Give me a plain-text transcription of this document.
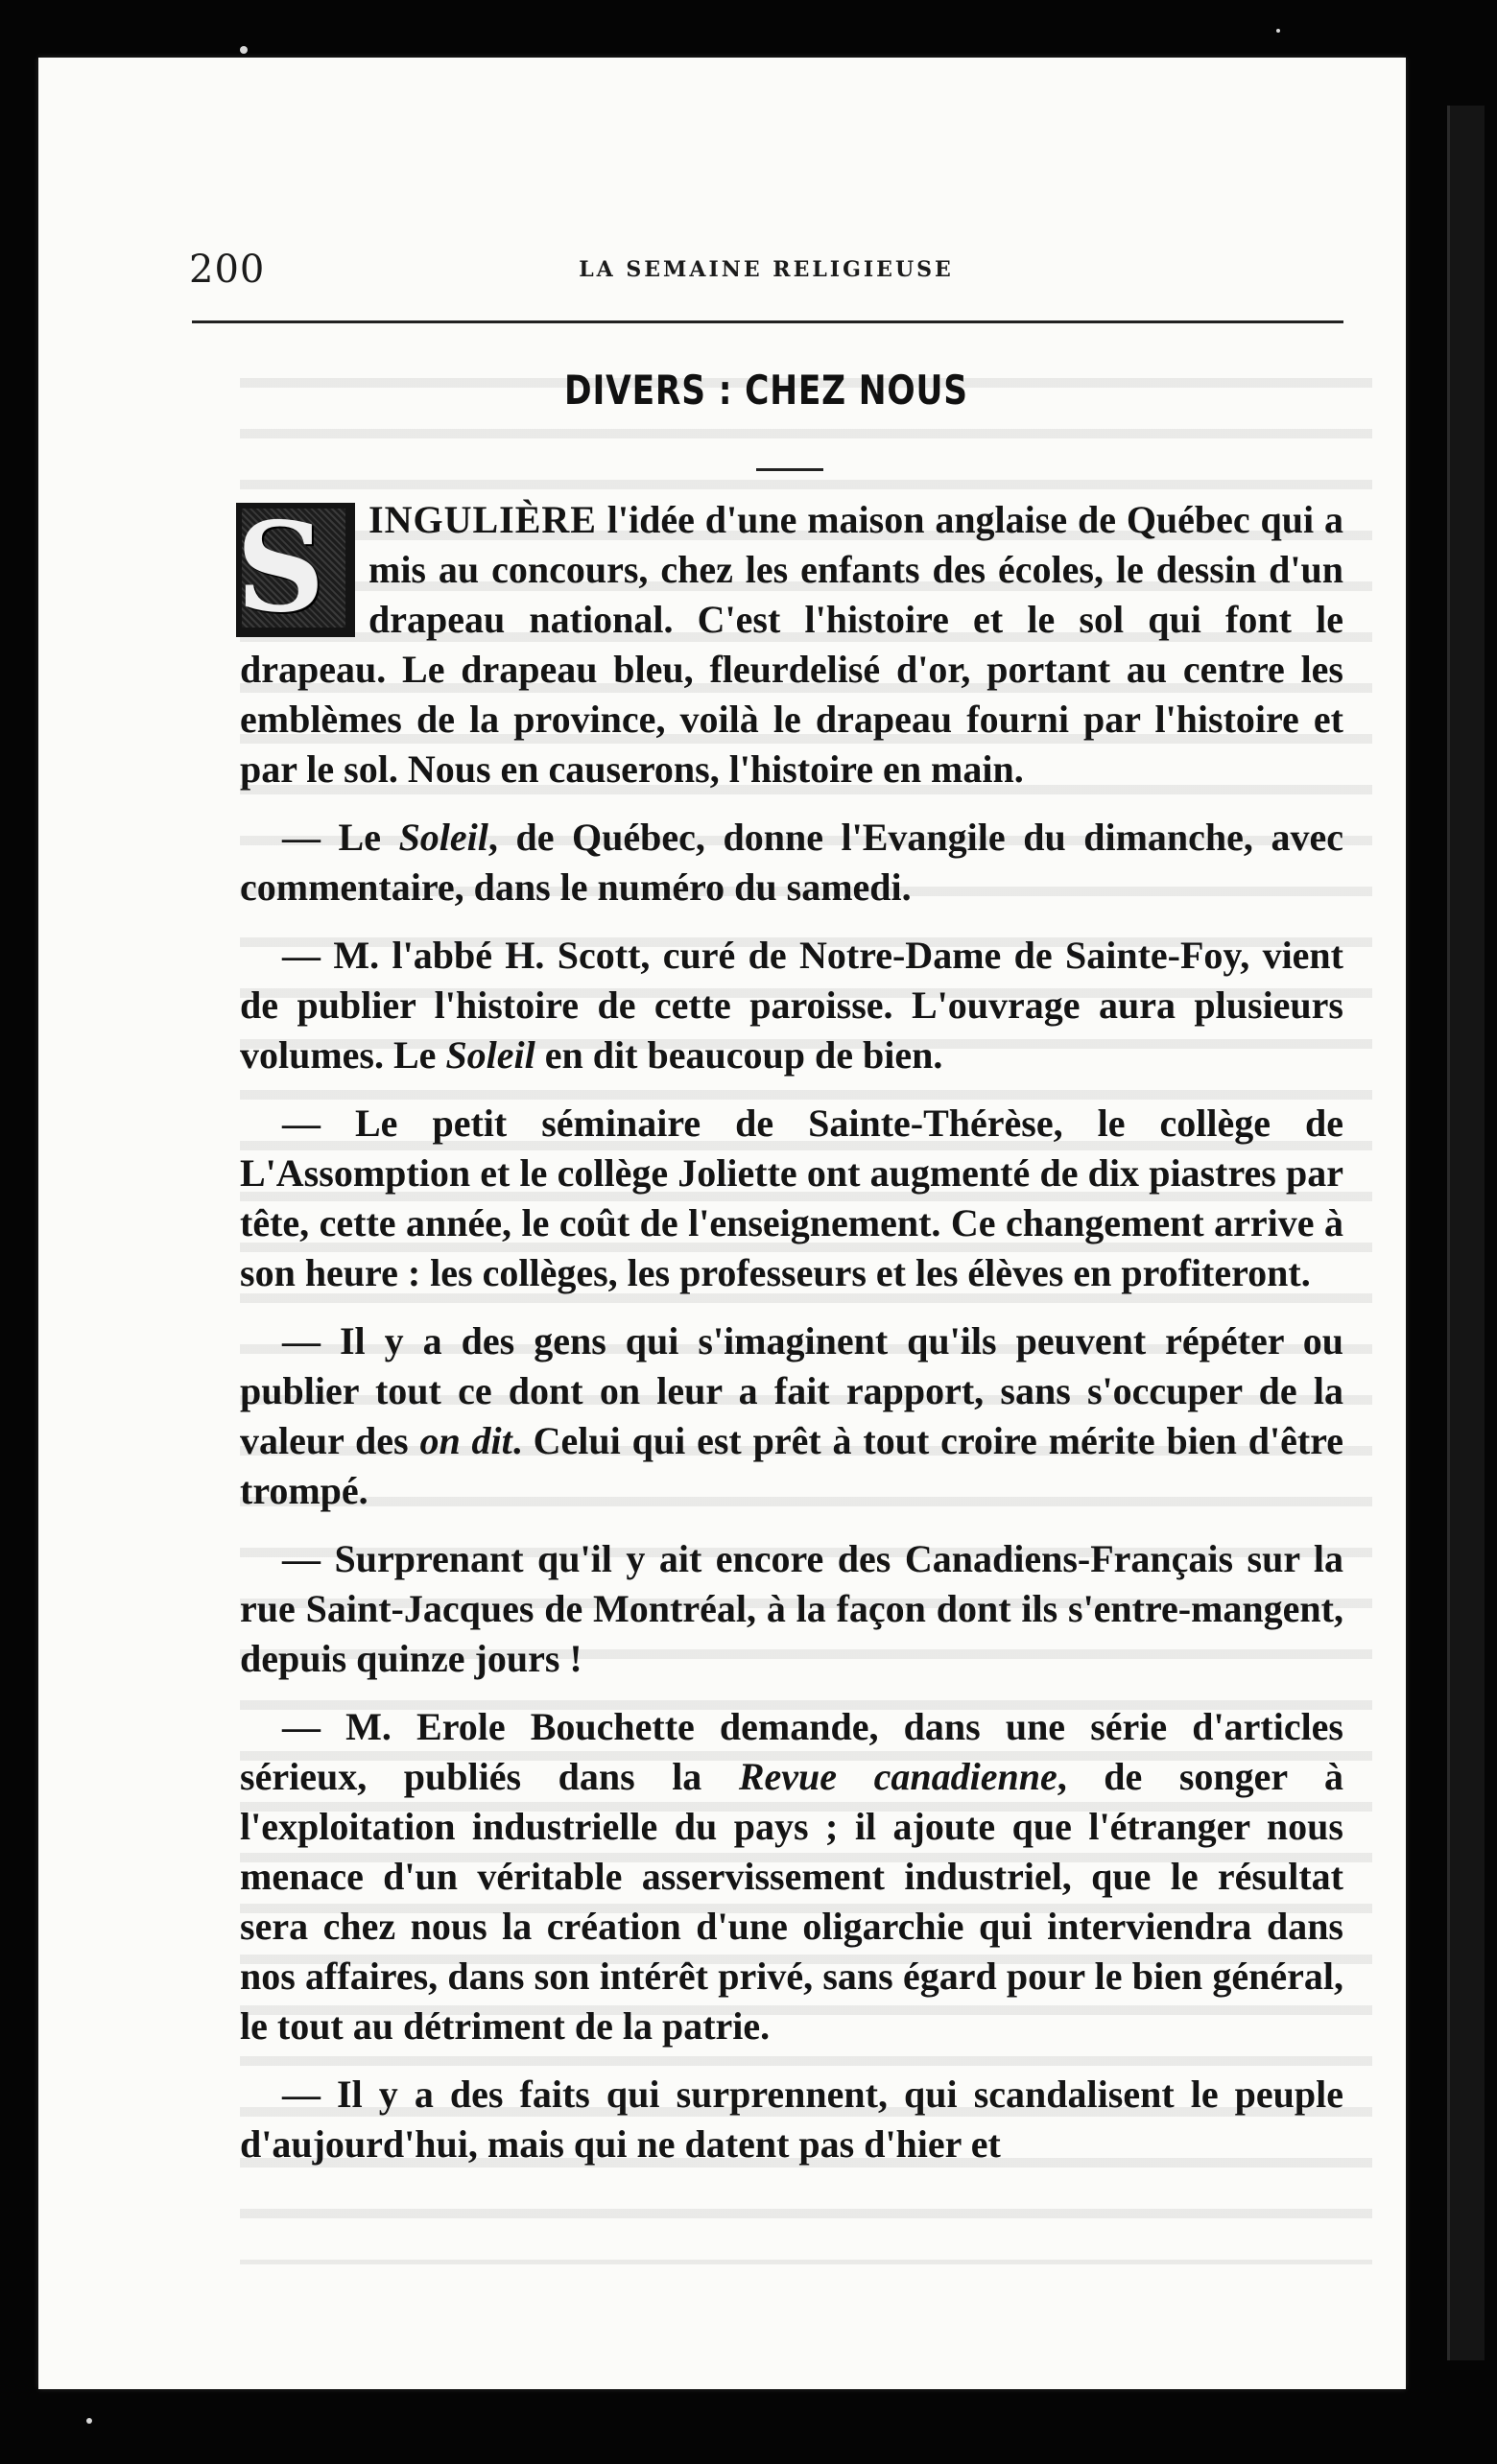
200	LA SEMAINE RELIGIEUSE
DIVERS : CHEZ NOUS

S	INGULIÈRE l'idée d'une maison anglaise de Québec qui a mis au concours, chez les enfants des écoles, le dessin d'un drapeau national. C'est l'histoire et le sol qui font le drapeau. Le drapeau bleu, fleurdelisé d'or, portant au centre les emblèmes de la province, voilà le drapeau fourni par l'histoire et par le sol. Nous en causerons, l'histoire en main.

— Le Soleil, de Québec, donne l'Evangile du dimanche, avec commentaire, dans le numéro du samedi.

— M. l'abbé H. Scott, curé de Notre-Dame de Sainte-Foy, vient de publier l'histoire de cette paroisse. L'ouvrage aura plusieurs volumes. Le Soleil en dit beaucoup de bien.

— Le petit séminaire de Sainte-Thérèse, le collège de L'Assomption et le collège Joliette ont augmenté de dix piastres par tête, cette année, le coût de l'enseignement. Ce changement arrive à son heure : les collèges, les professeurs et les élèves en profiteront.

— Il y a des gens qui s'imaginent qu'ils peuvent répéter ou publier tout ce dont on leur a fait rapport, sans s'occuper de la valeur des on dit. Celui qui est prêt à tout croire mérite bien d'être trompé.

— Surprenant qu'il y ait encore des Canadiens-Français sur la rue Saint-Jacques de Montréal, à la façon dont ils s'entre-mangent, depuis quinze jours !

— M. Erole Bouchette demande, dans une série d'articles sérieux, publiés dans la Revue canadienne, de songer à l'exploitation industrielle du pays ; il ajoute que l'étranger nous menace d'un véritable asservissement industriel, que le résultat sera chez nous la création d'une oligarchie qui interviendra dans nos affaires, dans son intérêt privé, sans égard pour le bien général, le tout au détriment de la patrie.

— Il y a des faits qui surprennent, qui scandalisent le peuple d'aujourd'hui, mais qui ne datent pas d'hier et
